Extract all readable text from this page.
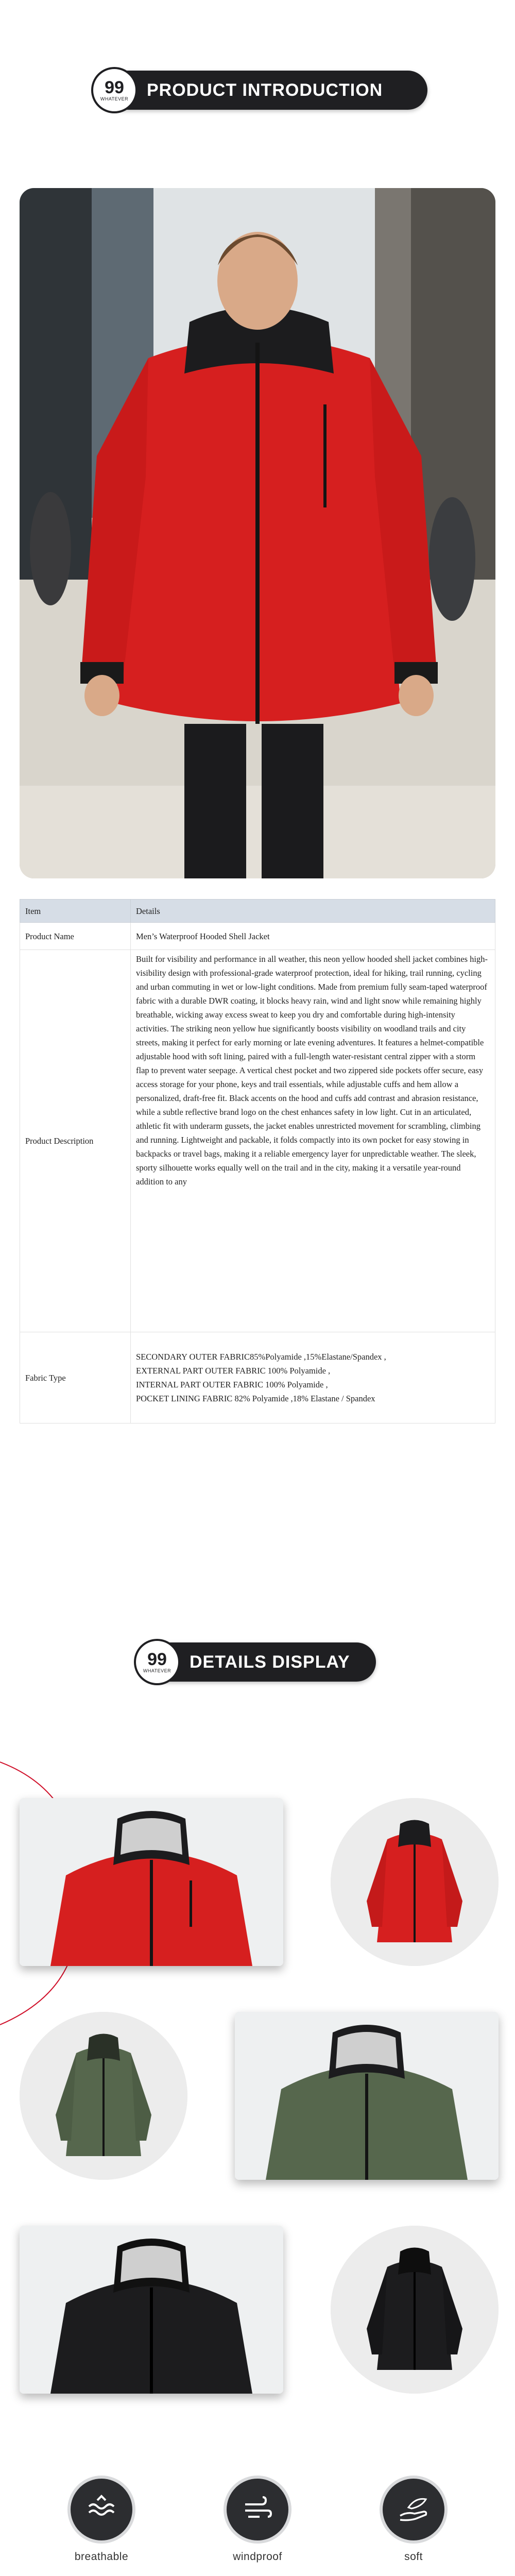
99
WHATEVER PRODUCT INTRODUCTION
Item	Details
Product Name	Men’s Waterproof Hooded Shell Jacket
Product Description	Built for visibility and performance in all weather, this neon yellow hooded shell jacket combines high-visibility design with professional-grade waterproof protection, ideal for hiking, trail running, cycling and urban commuting in wet or low-light conditions. Made from premium fully seam-taped waterproof fabric with a durable DWR coating, it blocks heavy rain, wind and light snow while remaining highly breathable, wicking away excess sweat to keep you dry and comfortable during high-intensity activities. The striking neon yellow hue significantly boosts visibility on woodland trails and city streets, making it perfect for early morning or late evening adventures. It features a helmet-compatible adjustable hood with soft lining, paired with a full-length water-resistant central zipper with a storm flap to prevent water seepage. A vertical chest pocket and two zippered side pockets offer secure, easy access storage for your phone, keys and trail essentials, while adjustable cuffs and hem allow a personalized, draft-free fit. Black accents on the hood and cuffs add contrast and abrasion resistance, while a subtle reflective brand logo on the chest enhances safety in low light. Cut in an articulated, athletic fit with underarm gussets, the jacket enables unrestricted movement for scrambling, climbing and running. Lightweight and packable, it folds compactly into its own pocket for easy stowing in backpacks or travel bags, making it a reliable emergency layer for unpredictable weather. The sleek, sporty silhouette works equally well on the trail and in the city, making it a versatile year-round addition to any

Fabric Type	SECONDARY OUTER FABRIC85%Polyamide ,15%Elastane/Spandex ,
EXTERNAL PART OUTER FABRIC 100% Polyamide ,
INTERNAL PART OUTER FABRIC 100% Polyamide ,
POCKET LINING FABRIC 82% Polyamide ,18% Elastane / Spandex
99
WHATEVER DETAILS DISPLAY
breathable	windproof	soft
